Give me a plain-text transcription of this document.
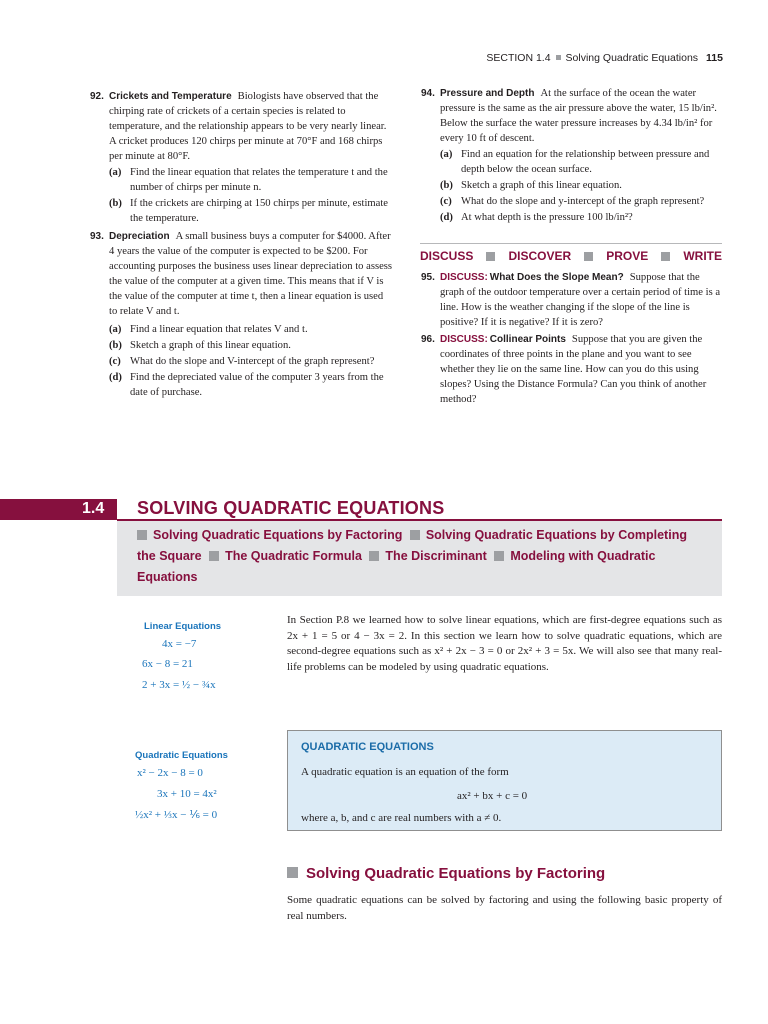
SECTION 1.4 Solving Quadratic Equations 115
92. Crickets and Temperature Biologists have observed that the chirping rate of crickets of a certain species is related to temperature, and the relationship appears to be very nearly linear. A cricket produces 120 chirps per minute at 70°F and 168 chirps per minute at 80°F.

(a) Find the linear equation that relates the temperature t and the number of chirps per minute n.
(b) If the crickets are chirping at 150 chirps per minute, estimate the temperature.
93. Depreciation A small business buys a computer for $4000. After 4 years the value of the computer is expected to be $200. For accounting purposes the business uses linear depreciation to assess the value of the computer at a given time. This means that if V is the value of the computer at time t, then a linear equation is used to relate V and t.

(a) Find a linear equation that relates V and t.
(b) Sketch a graph of this linear equation.
(c) What do the slope and V-intercept of the graph represent?
(d) Find the depreciated value of the computer 3 years from the date of purchase.
94. Pressure and Depth At the surface of the ocean the water pressure is the same as the air pressure above the water, 15 lb/in². Below the surface the water pressure increases by 4.34 lb/in² for every 10 ft of descent.

(a) Find an equation for the relationship between pressure and depth below the ocean surface.
(b) Sketch a graph of this linear equation.
(c) What do the slope and y-intercept of the graph represent?
(d) At what depth is the pressure 100 lb/in²?
DISCUSS	DISCOVER	PROVE	WRITE
95. DISCUSS: What Does the Slope Mean? Suppose that the graph of the outdoor temperature over a certain period of time is a line. How is the weather changing if the slope of the line is positive? If it is negative? If it is zero?

96. DISCUSS: Collinear Points Suppose that you are given the coordinates of three points in the plane and you want to see whether they lie on the same line. How can you do this using slopes? Using the Distance Formula? Can you think of another method?

1.4	SOLVING QUADRATIC EQUATIONS
Solving Quadratic Equations by Factoring Solving Quadratic Equations by Completing the Square The Quadratic Formula The Discriminant Modeling with Quadratic Equations
Linear Equations
4x = −7
6x − 8 = 21
2 + 3x = ½ − ¾x
In Section P.8 we learned how to solve linear equations, which are first-degree equations such as 2x + 1 = 5 or 4 − 3x = 2. In this section we learn how to solve quadratic equations, which are second-degree equations such as x² + 2x − 3 = 0 or 2x² + 3 = 5x. We will also see that many real-life problems can be modeled by using quadratic equations.
Quadratic Equations
x² − 2x − 8 = 0
3x + 10 = 4x²
½x² + ⅓x − ⅙ = 0
QUADRATIC EQUATIONS
A quadratic equation is an equation of the form
ax² + bx + c = 0
where a, b, and c are real numbers with a ≠ 0.
Solving Quadratic Equations by Factoring
Some quadratic equations can be solved by factoring and using the following basic property of real numbers.
